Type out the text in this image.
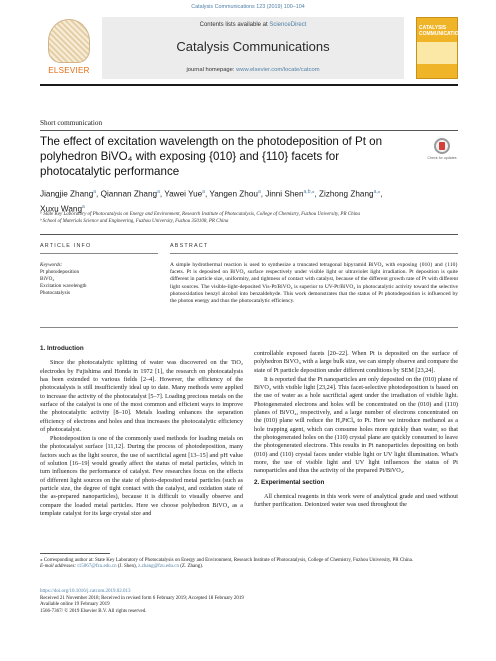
Catalysis Communications 123 (2019) 100–104
ELSEVIER
Contents lists available at ScienceDirect
Catalysis Communications
journal homepage: www.elsevier.com/locate/catcom
CATALYSIS COMMUNICATIONS
Short communication
The effect of excitation wavelength on the photodeposition of Pt on polyhedron BiVO₄ with exposing {010} and {110} facets for photocatalytic performance
Check for updates
Jiangjie Zhang$^a$, Qiannan Zhang$^a$, Yawei Yue$^a$, Yangen Zhou$^a$, Jinni Shen$^{a,b,⁎}$, Zizhong Zhang$^{a,⁎}$,
Xuxu Wang$^a$
ᵃ State Key Laboratory of Photocatalysis on Energy and Environment, Research Institute of Photocatalysis, College of Chemistry, Fuzhou University, PR China
ᵇ School of Materials Science and Engineering, Fuzhou University, Fuzhou 350108, PR China
ARTICLE INFO	ABSTRACT
Keywords:
Pt photodeposition
BiVO₄
Excitation wavelength
Photocatalysis
A simple hydrothermal reaction is used to synthesize a truncated tetragonal bipyramid BiVO₄ with exposing {010} and {110} facets. Pt is deposited on BiVO₄ surface respectively under visible light or ultraviolet light irradiation. Pt deposition is quite different in particle size, uniformity, and tightness of contact with catalyst, because of the different growth rate of Pt with different light sources. The visible-light-deposited Vis-Pt/BiVO₄ is superior to UV-Pt/BiVO₄ in photocatalytic activity toward the selective photooxidation benzyl alcohol into benzaldehyde. This work demonstrates that the status of Pt photodeposition is influenced by the photon energy and thus the photocatalytic efficiency.

1. Introduction

Since the photocatalytic splitting of water was discovered on the TiO₂ electrodes by Fujishima and Honda in 1972 [1], the research on photocatalysis has been extended to various fields [2–4]. However, the efficiency of the photocatalysis is still insufficiently ideal up to date. Many methods were applied to increase the activity of the photocatalyst [5–7]. Loading precious metals on the surface of the catalyst is one of the most common and efficient ways to improve the photocatalytic activity [8–10]. Metals loading enhances the separation efficiency of electrons and holes and thus increases the photocatalytic efficiency of photocatalyst.

Photodeposition is one of the commonly used methods for loading metals on the photocatalyst surface [11,12]. During the process of photodeposition, many factors such as the light source, the use of sacrificial agent [13–15] and pH value of solution [16–19] would greatly affect the status of metal particles, which in turn influences the performance of catalyst. Few researches focus on the effects of different light sources on the state of photo-deposited metal particles (such as particle size, the degree of tight contact with the catalyst, and oxidation state of the as-prepared nanoparticles), because it is difficult to visually observe and compare the loaded metal particles. Here we choose polyhedron BiVO₄ as a template catalyst for its large crystal size and

controllable exposed facets [20–22]. When Pt is deposited on the surface of polyhedron BiVO₄ with a large bulk size, we can simply observe and compare the state of Pt particle deposition under different conditions by SEM [23,24].

It is reported that the Pt nanoparticles are only deposited on the (010) plane of BiVO₄ with visible light [23,24]. This facet-selective photodeposition is based on the use of water as a hole sacrificial agent under the irradiation of visible light. Photogenerated electrons and holes will be concentrated on the (010) and (110) planes of BiVO₄, respectively, and a large number of electrons concentrated on the (010) plane will reduce the H₂PtCl₆ to Pt. Here we introduce methanol as a hole trapping agent, which can consume holes more quickly than water, so that the photogenerated holes on the (110) crystal plane are quickly consumed to leave the photogenerated electrons. This results in Pt nanoparticles depositing on both (010) and (110) crystal faces under visible light or UV light illumination. What's more, the use of visible light and UV light influences the status of Pt nanoparticles and thus the activity of the prepared Pt/BiVO₄.

2. Experimental section

All chemical reagents in this work were of analytical grade and used without further purification. Deionized water was used throughout the

⁎ Corresponding author at: State Key Laboratory of Photocatalysis on Energy and Environment, Research Institute of Photocatalysis, College of Chemistry, Fuzhou University, PR China.
E-mail addresses: t15067@fzu.edu.cn (J. Shen), z.zhang@fzu.edu.cn (Z. Zhang).
https://doi.org/10.1016/j.catcom.2019.02.013
Received 21 November 2018; Received in revised form 6 February 2019; Accepted 18 February 2019
Available online 19 February 2019
1566-7367/ © 2019 Elsevier B.V. All rights reserved.
